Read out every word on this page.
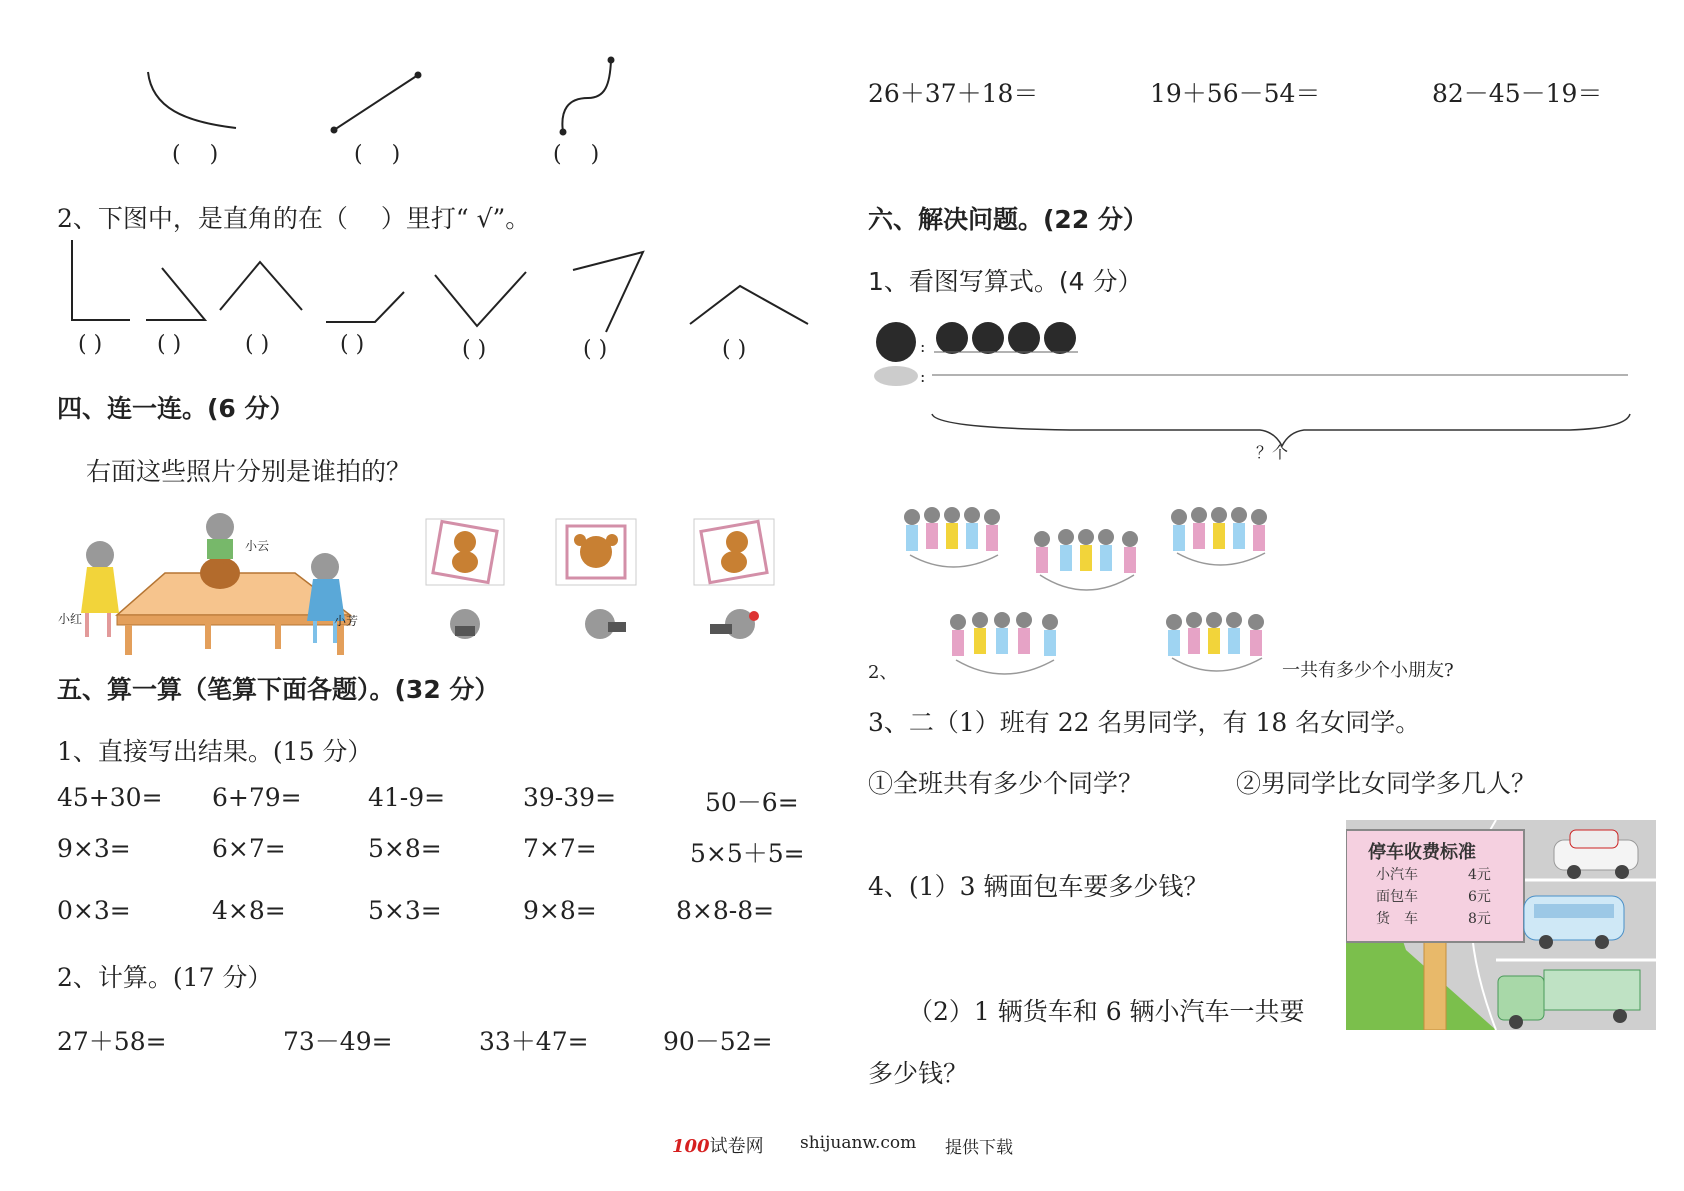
(　 )	(　 )	(　 )
2、下图中，是直角的在（　 ）里打“ √”。
( ) ( )	( )	( )	( )	( )	( )
四、连一连。(6 分）
右面这些照片分别是谁拍的？
小云
小红	小芳
五、算一算（笔算下面各题）。(32 分）
1、直接写出结果。(15 分）
45+30= 6+79=	41-9=	39-39=	50－6=
9×3=	6×7=	5×8=	7×7=	5×5＋5=
0×3=	4×8=	5×3=	9×8=	8×8-8=
2、计算。(17 分）
27＋58=	73－49=	33＋47=	90－52=
26＋37＋18＝	19＋56－54＝	82－45－19＝
六、解决问题。(22 分）
1、看图写算式。(4 分）
:
:
？个
2、	一共有多少个小朋友?
3、二（1）班有 22 名男同学，有 18 名女同学。
①全班共有多少个同学？	②男同学比女同学多几人？
4、(1）3 辆面包车要多少钱？
（2）1 辆货车和 6 辆小汽车一共要
多少钱？
停车收费标准
小汽车	4元
面包车	6元
货　车	8元
100试卷网 shijuanw.com 提供下载
